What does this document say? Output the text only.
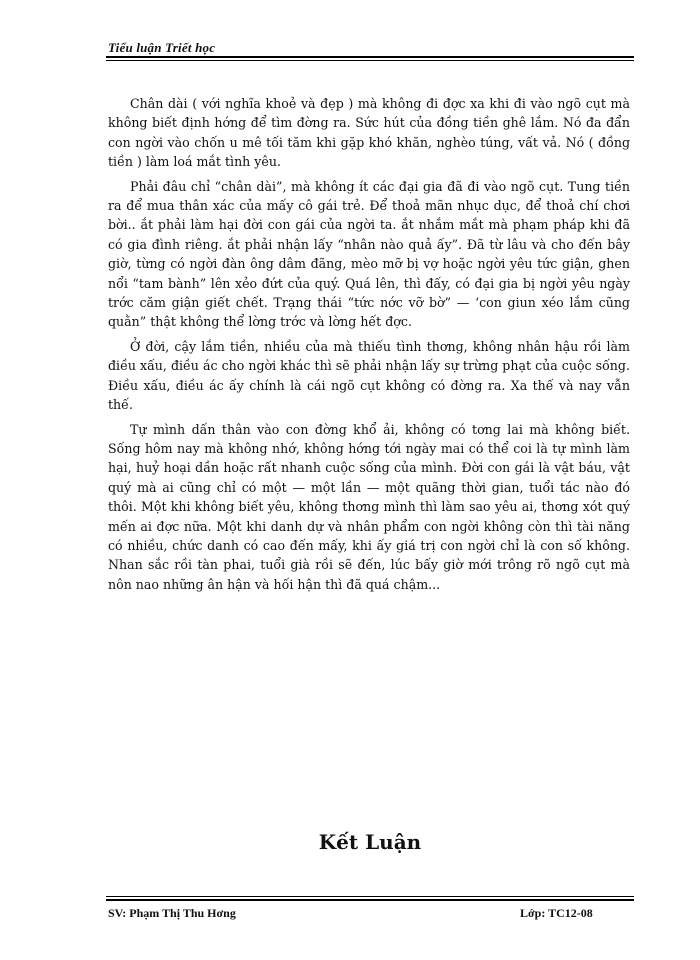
Tiểu luận Triết học

Chân dài ( với nghĩa khoẻ và đẹp ) mà không đi đợc xa khi đi vào ngõ cụt mà không biết định hớng để tìm đờng ra. Sức hút của đồng tiền ghê lắm. Nó đa đẩn con ngời vào chốn u mê tối tăm khi gặp khó khăn, nghèo túng, vất vả. Nó ( đồng tiền ) làm loá mắt tình yêu.

Phải đâu chỉ “chân dài”, mà không ít các đại gia đã đi vào ngõ cụt. Tung tiền ra để mua thân xác của mấy cô gái trẻ. Để thoả mãn nhục dục, để thoả chí chơi bời.. ắt phải làm hại đời con gái của ngời ta. ắt nhắm mắt mà phạm pháp khi đã có gia đình riêng. ắt phải nhận lấy “nhân nào quả ấy”. Đã từ lâu và cho đến bây giờ, từng có ngời đàn ông dâm đãng, mèo mỡ bị vợ hoặc ngời yêu tức giận, ghen nổi “tam bành” lên xẻo đứt của quý. Quá lên, thì đấy, có đại gia bị ngời yêu ngày trớc căm giận giết chết. Trạng thái “tức nớc vỡ bờ” — ‘con giun xéo lắm cũng quằn” thật không thể lờng trớc và lờng hết đợc.

Ở đời, cậy lắm tiền, nhiều của mà thiếu tình thơng, không nhân hậu rồi làm điều xấu, điều ác cho ngời khác thì sẽ phải nhận lấy sự trừng phạt của cuộc sống. Điều xấu, điều ác ấy chính là cái ngõ cụt không có đờng ra. Xa thế và nay vẫn thế.

Tự mình dấn thân vào con đờng khổ ải, không có tơng lai mà không biết. Sống hôm nay mà không nhớ, không hớng tới ngày mai có thể coi là tự mình làm hại, huỷ hoại dần hoặc rất nhanh cuộc sống của mình. Đời con gái là vật báu, vật quý mà ai cũng chỉ có một — một lần — một quãng thời gian, tuổi tác nào đó thôi. Một khi không biết yêu, không thơng mình thì làm sao yêu ai, thơng xót quý mến ai đợc nữa. Một khi danh dự và nhân phẩm con ngời không còn thì tài năng có nhiều, chức danh có cao đến mấy, khi ấy giá trị con ngời chỉ là con số không. Nhan sắc rồi tàn phai, tuổi già rồi sẽ đến, lúc bấy giờ mới trông rõ ngõ cụt mà nôn nao những ân hận và hối hận thì đã quá chậm...

Kết Luận
SV: Phạm Thị Thu Hơng	Lớp: TC12-08
